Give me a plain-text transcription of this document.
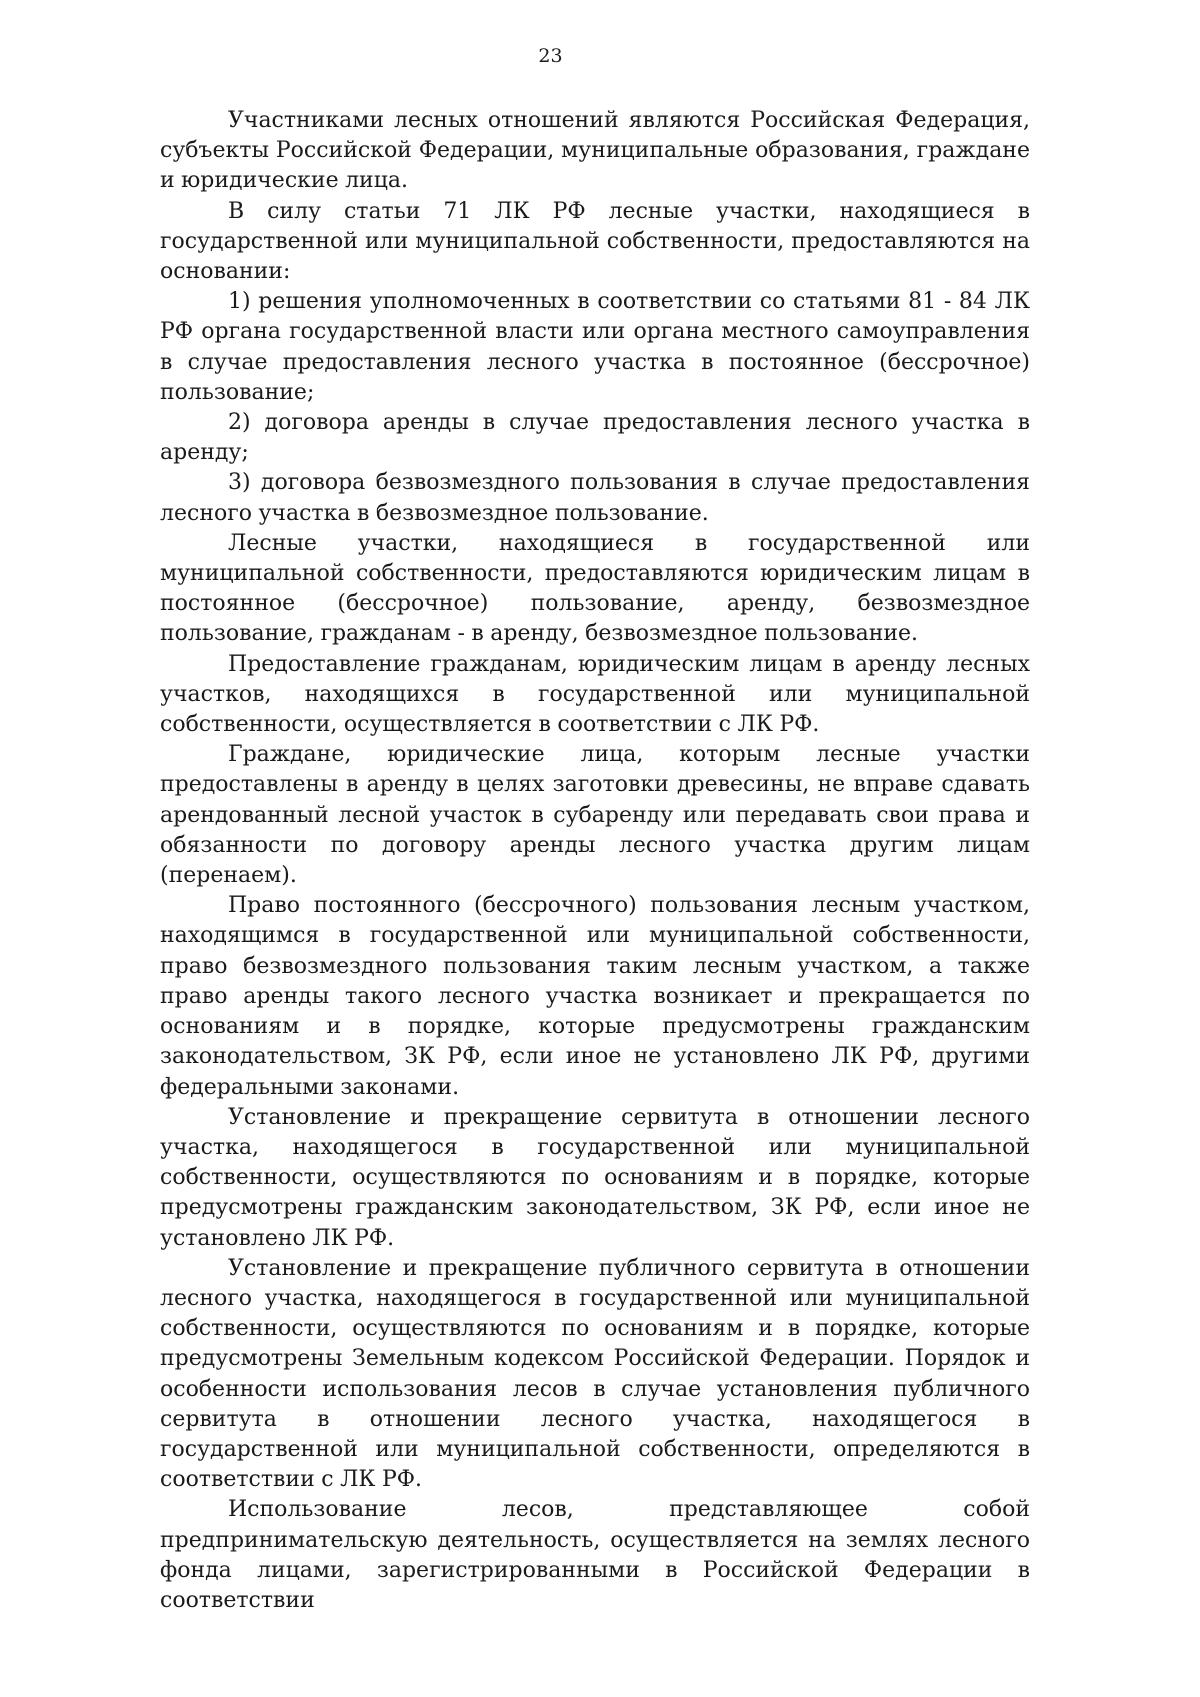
23

Участниками лесных отношений являются Российская Федерация, субъекты Российской Федерации, муниципальные образования, граждане и юридические лица.

В силу статьи 71 ЛК РФ лесные участки, находящиеся в государственной или муниципальной собственности, предоставляются на основании:

1) решения уполномоченных в соответствии со статьями 81 - 84 ЛК РФ органа государственной власти или органа местного самоуправления в случае предоставления лесного участка в постоянное (бессрочное) пользование;

2) договора аренды в случае предоставления лесного участка в аренду;

3) договора безвозмездного пользования в случае предоставления лесного участка в безвозмездное пользование.

Лесные участки, находящиеся в государственной или муниципальной собственности, предоставляются юридическим лицам в постоянное (бессрочное) пользование, аренду, безвозмездное пользование, гражданам - в аренду, безвозмездное пользование.

Предоставление гражданам, юридическим лицам в аренду лесных участков, находящихся в государственной или муниципальной собственности, осуществляется в соответствии с ЛК РФ.

Граждане, юридические лица, которым лесные участки предоставлены в аренду в целях заготовки древесины, не вправе сдавать арендованный лесной участок в субаренду или передавать свои права и обязанности по договору аренды лесного участка другим лицам (перенаем).

Право постоянного (бессрочного) пользования лесным участком, находящимся в государственной или муниципальной собственности, право безвозмездного пользования таким лесным участком, а также право аренды такого лесного участка возникает и прекращается по основаниям и в порядке, которые предусмотрены гражданским законодательством, ЗК РФ, если иное не установлено ЛК РФ, другими федеральными законами.

Установление и прекращение сервитута в отношении лесного участка, находящегося в государственной или муниципальной собственности, осуществляются по основаниям и в порядке, которые предусмотрены гражданским законодательством, ЗК РФ, если иное не установлено ЛК РФ.

Установление и прекращение публичного сервитута в отношении лесного участка, находящегося в государственной или муниципальной собственности, осуществляются по основаниям и в порядке, которые предусмотрены Земельным кодексом Российской Федерации. Порядок и особенности использования лесов в случае установления публичного сервитута в отношении лесного участка, находящегося в государственной или муниципальной собственности, определяются в соответствии с ЛК РФ.

Использование лесов, представляющее собой предпринимательскую деятельность, осуществляется на землях лесного фонда лицами, зарегистрированными в Российской Федерации в соответствии
